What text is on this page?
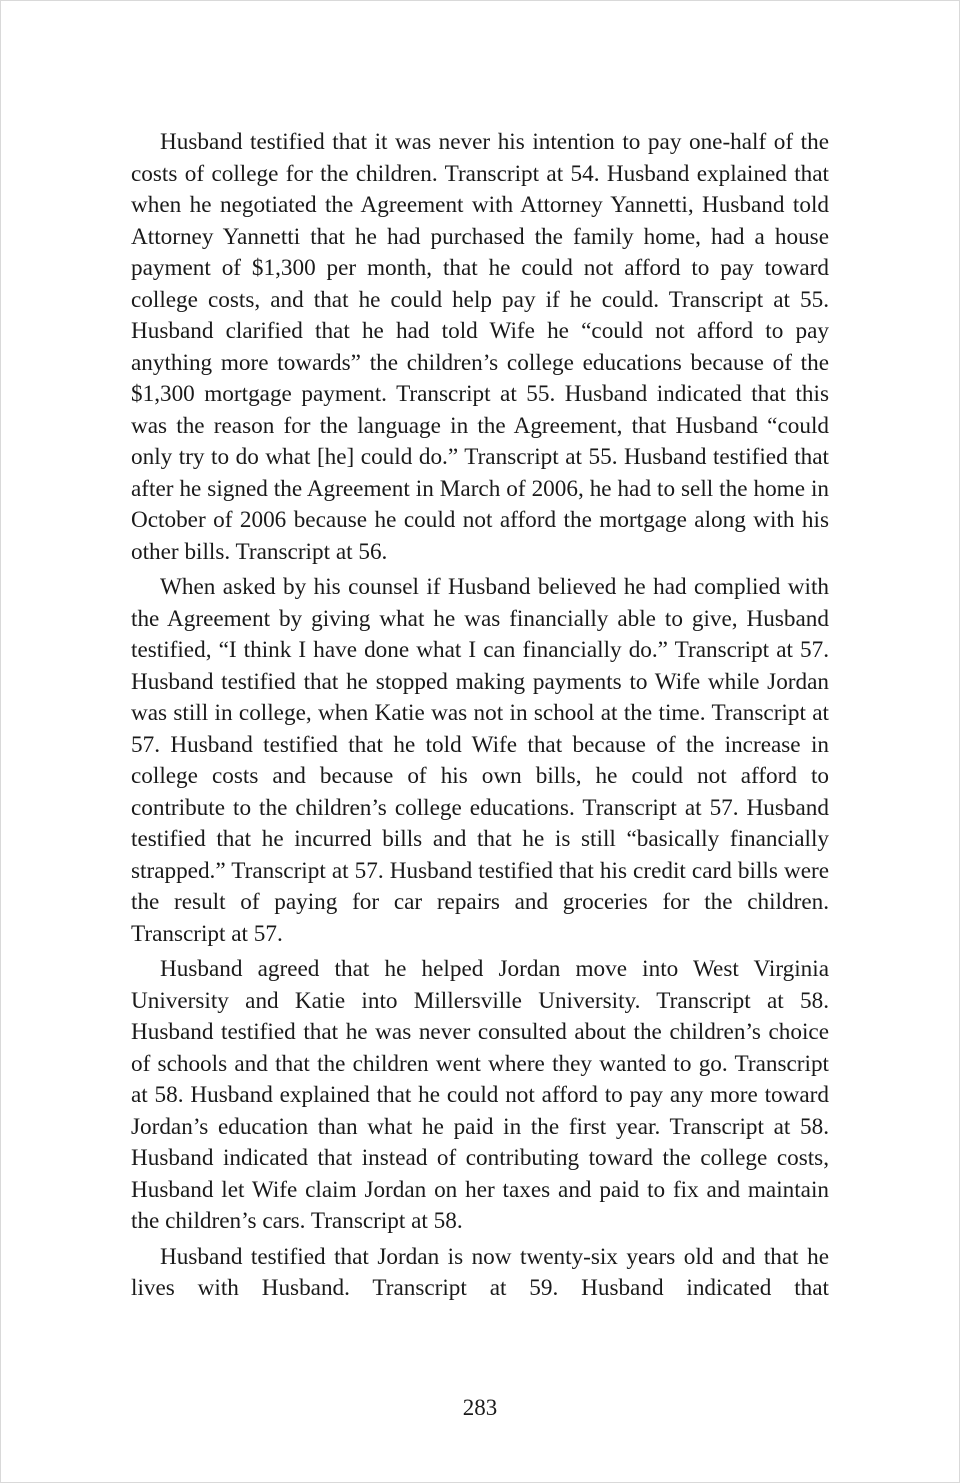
Husband testified that it was never his intention to pay one-half of the costs of college for the children. Transcript at 54. Husband explained that when he negotiated the Agreement with Attorney Yannetti, Husband told Attorney Yannetti that he had purchased the family home, had a house payment of $1,300 per month, that he could not afford to pay toward college costs, and that he could help pay if he could. Transcript at 55. Husband clarified that he had told Wife he “could not afford to pay anything more towards” the children’s college educations because of the $1,300 mortgage payment. Transcript at 55. Husband indicated that this was the reason for the language in the Agreement, that Husband “could only try to do what [he] could do.” Transcript at 55. Husband testified that after he signed the Agreement in March of 2006, he had to sell the home in October of 2006 because he could not afford the mortgage along with his other bills. Transcript at 56.

When asked by his counsel if Husband believed he had complied with the Agreement by giving what he was financially able to give, Husband testified, “I think I have done what I can financially do.” Transcript at 57. Husband testified that he stopped making payments to Wife while Jordan was still in college, when Katie was not in school at the time. Transcript at 57. Husband testified that he told Wife that because of the increase in college costs and because of his own bills, he could not afford to contribute to the children’s college educations. Transcript at 57. Husband testified that he incurred bills and that he is still “basically financially strapped.” Transcript at 57. Husband testified that his credit card bills were the result of paying for car repairs and groceries for the children. Transcript at 57.

Husband agreed that he helped Jordan move into West Virginia University and Katie into Millersville University. Transcript at 58. Husband testified that he was never consulted about the children’s choice of schools and that the children went where they wanted to go. Transcript at 58. Husband explained that he could not afford to pay any more toward Jordan’s education than what he paid in the first year. Transcript at 58. Husband indicated that instead of contributing toward the college costs, Husband let Wife claim Jordan on her taxes and paid to fix and maintain the children’s cars. Transcript at 58.

Husband testified that Jordan is now twenty-six years old and that he lives with Husband. Transcript at 59. Husband indicated that

283
